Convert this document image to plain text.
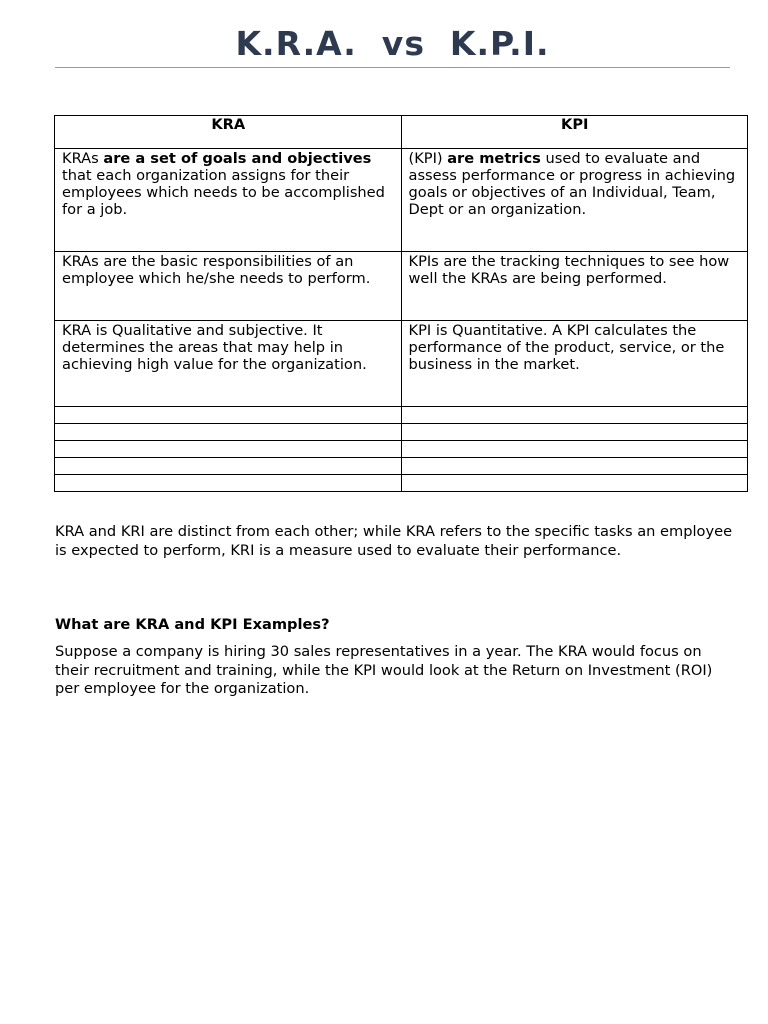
K.R.A.  vs  K.P.I.
KRA	KPI
KRAs are a set of goals and objectives that each organization assigns for their employees which needs to be accomplished for a job.	(KPI) are metrics used to evaluate and assess performance or progress in achieving goals or objectives of an Individual, Team, Dept or an organization.
KRAs are the basic responsibilities of an employee which he/she needs to perform.	KPIs are the tracking techniques to see how well the KRAs are being performed.
KRA is Qualitative and subjective. It determines the areas that may help in achieving high value for the organization.	KPI is Quantitative. A KPI calculates the performance of the product, service, or the business in the market.

KRA and KRI are distinct from each other; while KRA refers to the specific tasks an employee is expected to perform, KRI is a measure used to evaluate their performance.

What are KRA and KPI Examples?

Suppose a company is hiring 30 sales representatives in a year. The KRA would focus on their recruitment and training, while the KPI would look at the Return on Investment (ROI) per employee for the organization.
